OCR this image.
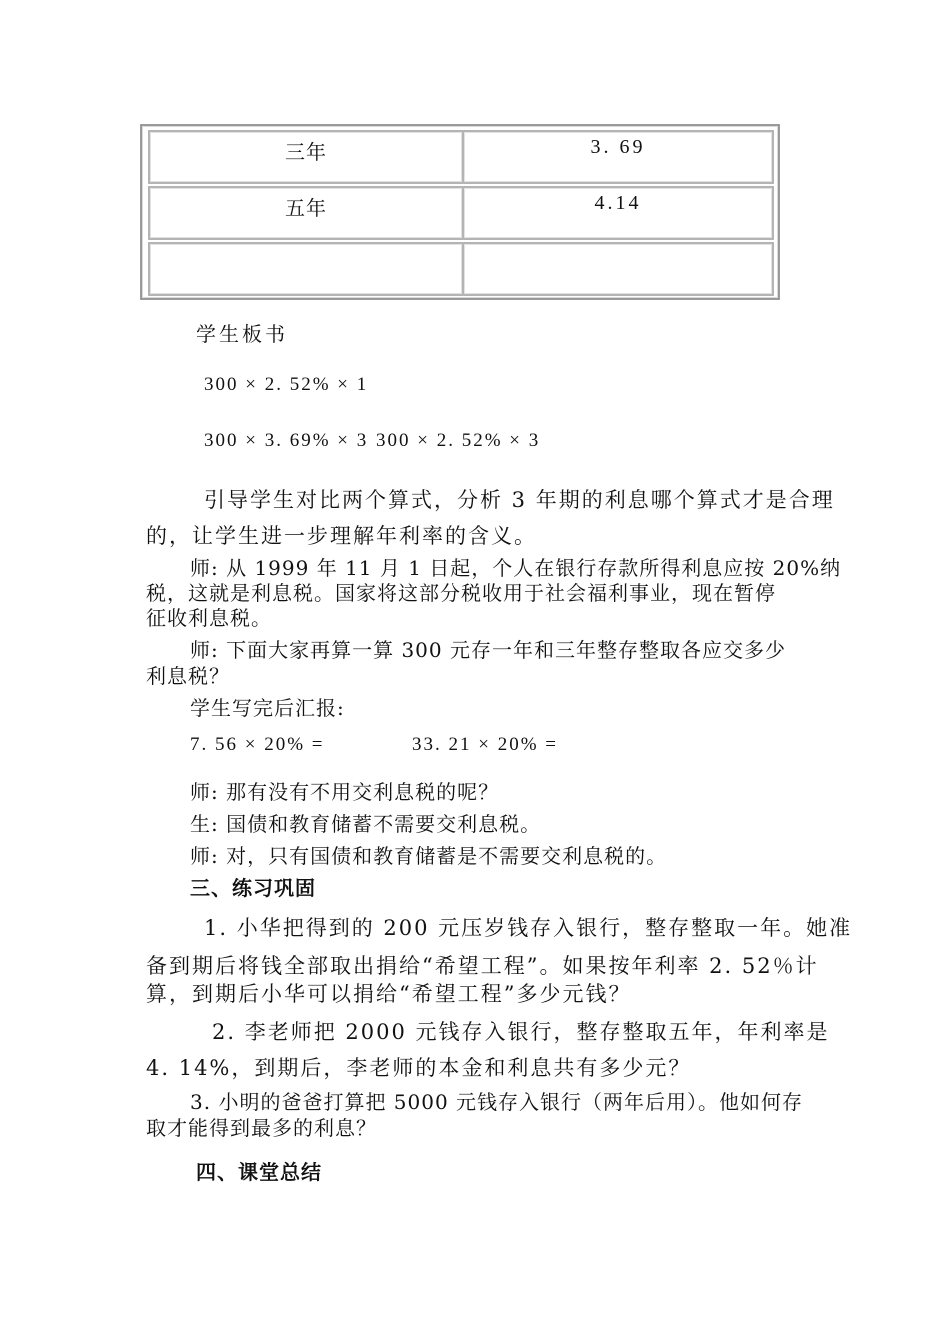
三年	3. 69
五年	4.14
学生板书
300 × 2. 52% × 1
300 × 3. 69% × 3 300 × 2. 52% × 3
引导学生对比两个算式，分析 3 年期的利息哪个算式才是合理
的，让学生进一步理解年利率的含义。
师: 从 1999 年 11 月 1 日起，个人在银行存款所得利息应按 20%纳
税，这就是利息税。国家将这部分税收用于社会福利事业，现在暂停
征收利息税。
师: 下面大家再算一算 300 元存一年和三年整存整取各应交多少
利息税？
学生写完后汇报:
7. 56 × 20% =	33. 21 × 20% =
师: 那有没有不用交利息税的呢？
生: 国债和教育储蓄不需要交利息税。
师: 对，只有国债和教育储蓄是不需要交利息税的。
三、练习巩固
1. 小华把得到的 200 元压岁钱存入银行，整存整取一年。她准
备到期后将钱全部取出捐给“希望工程”。如果按年利率 2. 52％计
算，到期后小华可以捐给“希望工程”多少元钱？
2. 李老师把 2000 元钱存入银行，整存整取五年，年利率是
4. 14%，到期后，李老师的本金和利息共有多少元？
3. 小明的爸爸打算把 5000 元钱存入银行（两年后用）。他如何存
取才能得到最多的利息？
四、课堂总结
